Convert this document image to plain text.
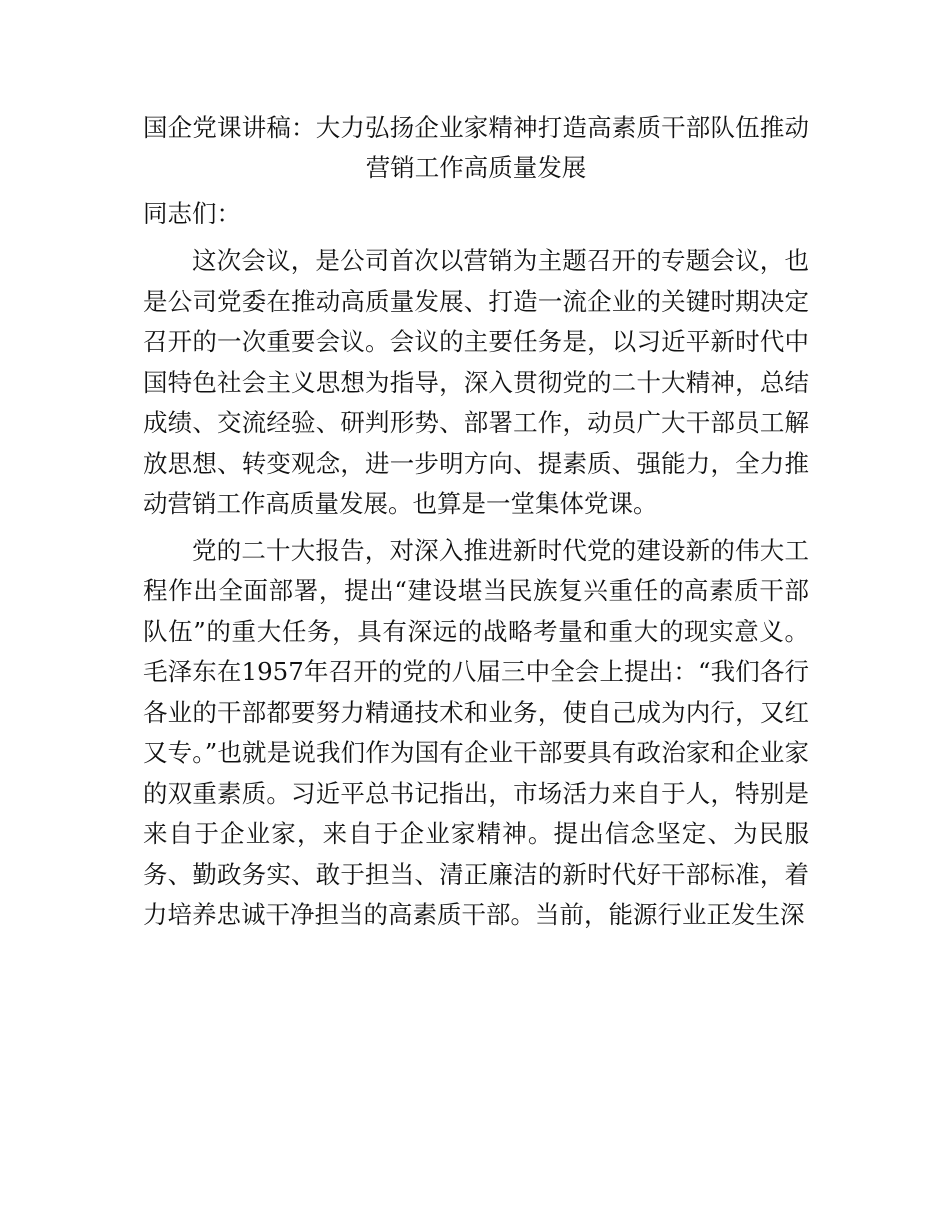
国企党课讲稿：大力弘扬企业家精神打造高素质干部队伍推动营销工作高质量发展

同志们：

这次会议，是公司首次以营销为主题召开的专题会议，也是公司党委在推动高质量发展、打造一流企业的关键时期决定召开的一次重要会议。会议的主要任务是，以习近平新时代中国特色社会主义思想为指导，深入贯彻党的二十大精神，总结成绩、交流经验、研判形势、部署工作，动员广大干部员工解放思想、转变观念，进一步明方向、提素质、强能力，全力推动营销工作高质量发展。也算是一堂集体党课。

党的二十大报告，对深入推进新时代党的建设新的伟大工程作出全面部署，提出“建设堪当民族复兴重任的高素质干部队伍”的重大任务，具有深远的战略考量和重大的现实意义。毛泽东在1957年召开的党的八届三中全会上提出：“我们各行各业的干部都要努力精通技术和业务，使自己成为内行，又红又专。”也就是说我们作为国有企业干部要具有政治家和企业家的双重素质。习近平总书记指出，市场活力来自于人，特别是来自于企业家，来自于企业家精神。提出信念坚定、为民服务、勤政务实、敢于担当、清正廉洁的新时代好干部标准，着力培养忠诚干净担当的高素质干部。当前，能源行业正发生深
